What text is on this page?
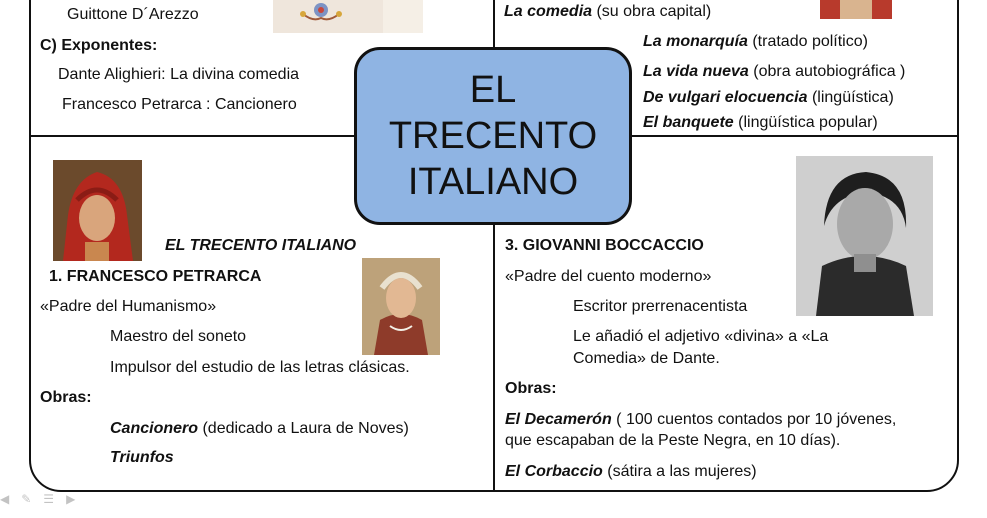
Guittone D´Arezzo
C) Exponentes:
Dante Alighieri: La divina comedia
Francesco Petrarca : Cancionero
La comedia (su obra capital)
La monarquía (tratado político)
La vida nueva (obra autobiográfica )
De vulgari elocuencia (lingüística)
El banquete (lingüística popular)
EL
TRECENTO
ITALIANO
EL TRECENTO ITALIANO
1. FRANCESCO PETRARCA
«Padre del Humanismo»
Maestro del soneto
Impulsor del estudio de las letras clásicas.
Obras:
Cancionero (dedicado a Laura de Noves)
Triunfos
3. GIOVANNI BOCCACCIO
«Padre del cuento moderno»
Escritor prerrenacentista
Le añadió el adjetivo «divina» a «La
Comedia» de Dante.
Obras:
El Decamerón ( 100 cuentos contados por 10 jóvenes,
que escapaban de la Peste Negra, en 10 días).
El Corbaccio (sátira a las mujeres)
◀ ✎ ☰ ▶
